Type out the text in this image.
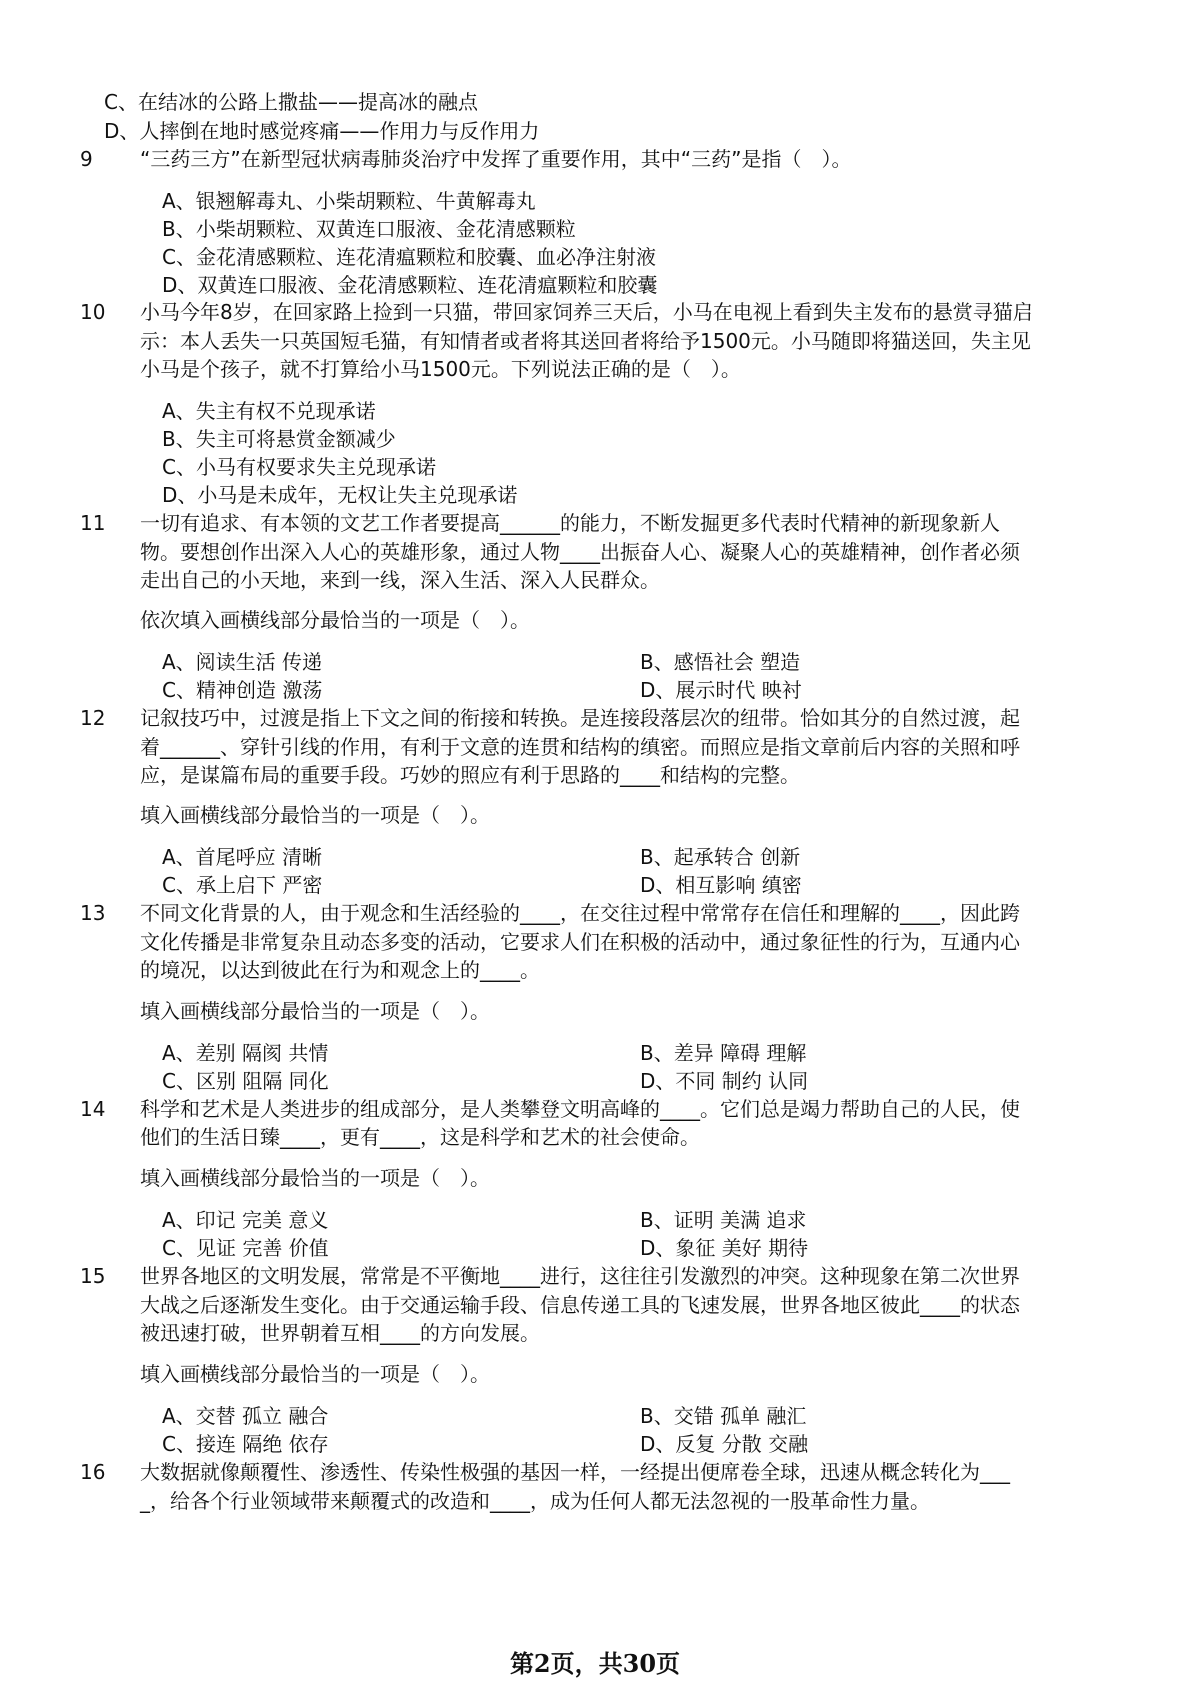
C、在结冰的公路上撒盐——提高冰的融点
D、人摔倒在地时感觉疼痛——作用力与反作用力
9 “三药三方”在新型冠状病毒肺炎治疗中发挥了重要作用，其中“三药”是指（　）。
A、银翘解毒丸、小柴胡颗粒、牛黄解毒丸
B、小柴胡颗粒、双黄连口服液、金花清感颗粒
C、金花清感颗粒、连花清瘟颗粒和胶囊、血必净注射液
D、双黄连口服液、金花清感颗粒、连花清瘟颗粒和胶囊
10 小马今年8岁，在回家路上捡到一只猫，带回家饲养三天后，小马在电视上看到失主发布的悬赏寻猫启
示：本人丢失一只英国短毛猫，有知情者或者将其送回者将给予1500元。小马随即将猫送回，失主见
小马是个孩子，就不打算给小马1500元。下列说法正确的是（　）。
A、失主有权不兑现承诺
B、失主可将悬赏金额减少
C、小马有权要求失主兑现承诺
D、小马是未成年，无权让失主兑现承诺
11 一切有追求、有本领的文艺工作者要提高______的能力，不断发掘更多代表时代精神的新现象新人
物。要想创作出深入人心的英雄形象，通过人物____出振奋人心、凝聚人心的英雄精神，创作者必须
走出自己的小天地，来到一线，深入生活、深入人民群众。
依次填入画横线部分最恰当的一项是（　）。
A、阅读生活 传递	B、感悟社会 塑造
C、精神创造 激荡	D、展示时代 映衬
12 记叙技巧中，过渡是指上下文之间的衔接和转换。是连接段落层次的纽带。恰如其分的自然过渡，起
着______、穿针引线的作用，有利于文意的连贯和结构的缜密。而照应是指文章前后内容的关照和呼
应，是谋篇布局的重要手段。巧妙的照应有利于思路的____和结构的完整。
填入画横线部分最恰当的一项是（　）。
A、首尾呼应 清晰	B、起承转合 创新
C、承上启下 严密	D、相互影响 缜密
13 不同文化背景的人，由于观念和生活经验的____，在交往过程中常常存在信任和理解的____，因此跨
文化传播是非常复杂且动态多变的活动，它要求人们在积极的活动中，通过象征性的行为，互通内心
的境况，以达到彼此在行为和观念上的____。
填入画横线部分最恰当的一项是（　）。
A、差别 隔阂 共情	B、差异 障碍 理解
C、区别 阻隔 同化	D、不同 制约 认同
14 科学和艺术是人类进步的组成部分，是人类攀登文明高峰的____。它们总是竭力帮助自己的人民，使
他们的生活日臻____，更有____，这是科学和艺术的社会使命。
填入画横线部分最恰当的一项是（　）。
A、印记 完美 意义	B、证明 美满 追求
C、见证 完善 价值	D、象征 美好 期待
15 世界各地区的文明发展，常常是不平衡地____进行，这往往引发激烈的冲突。这种现象在第二次世界
大战之后逐渐发生变化。由于交通运输手段、信息传递工具的飞速发展，世界各地区彼此____的状态
被迅速打破，世界朝着互相____的方向发展。
填入画横线部分最恰当的一项是（　）。
A、交替 孤立 融合	B、交错 孤单 融汇
C、接连 隔绝 依存	D、反复 分散 交融
16 大数据就像颠覆性、渗透性、传染性极强的基因一样，一经提出便席卷全球，迅速从概念转化为___
_，给各个行业领域带来颠覆式的改造和____，成为任何人都无法忽视的一股革命性力量。
第2页，共30页
